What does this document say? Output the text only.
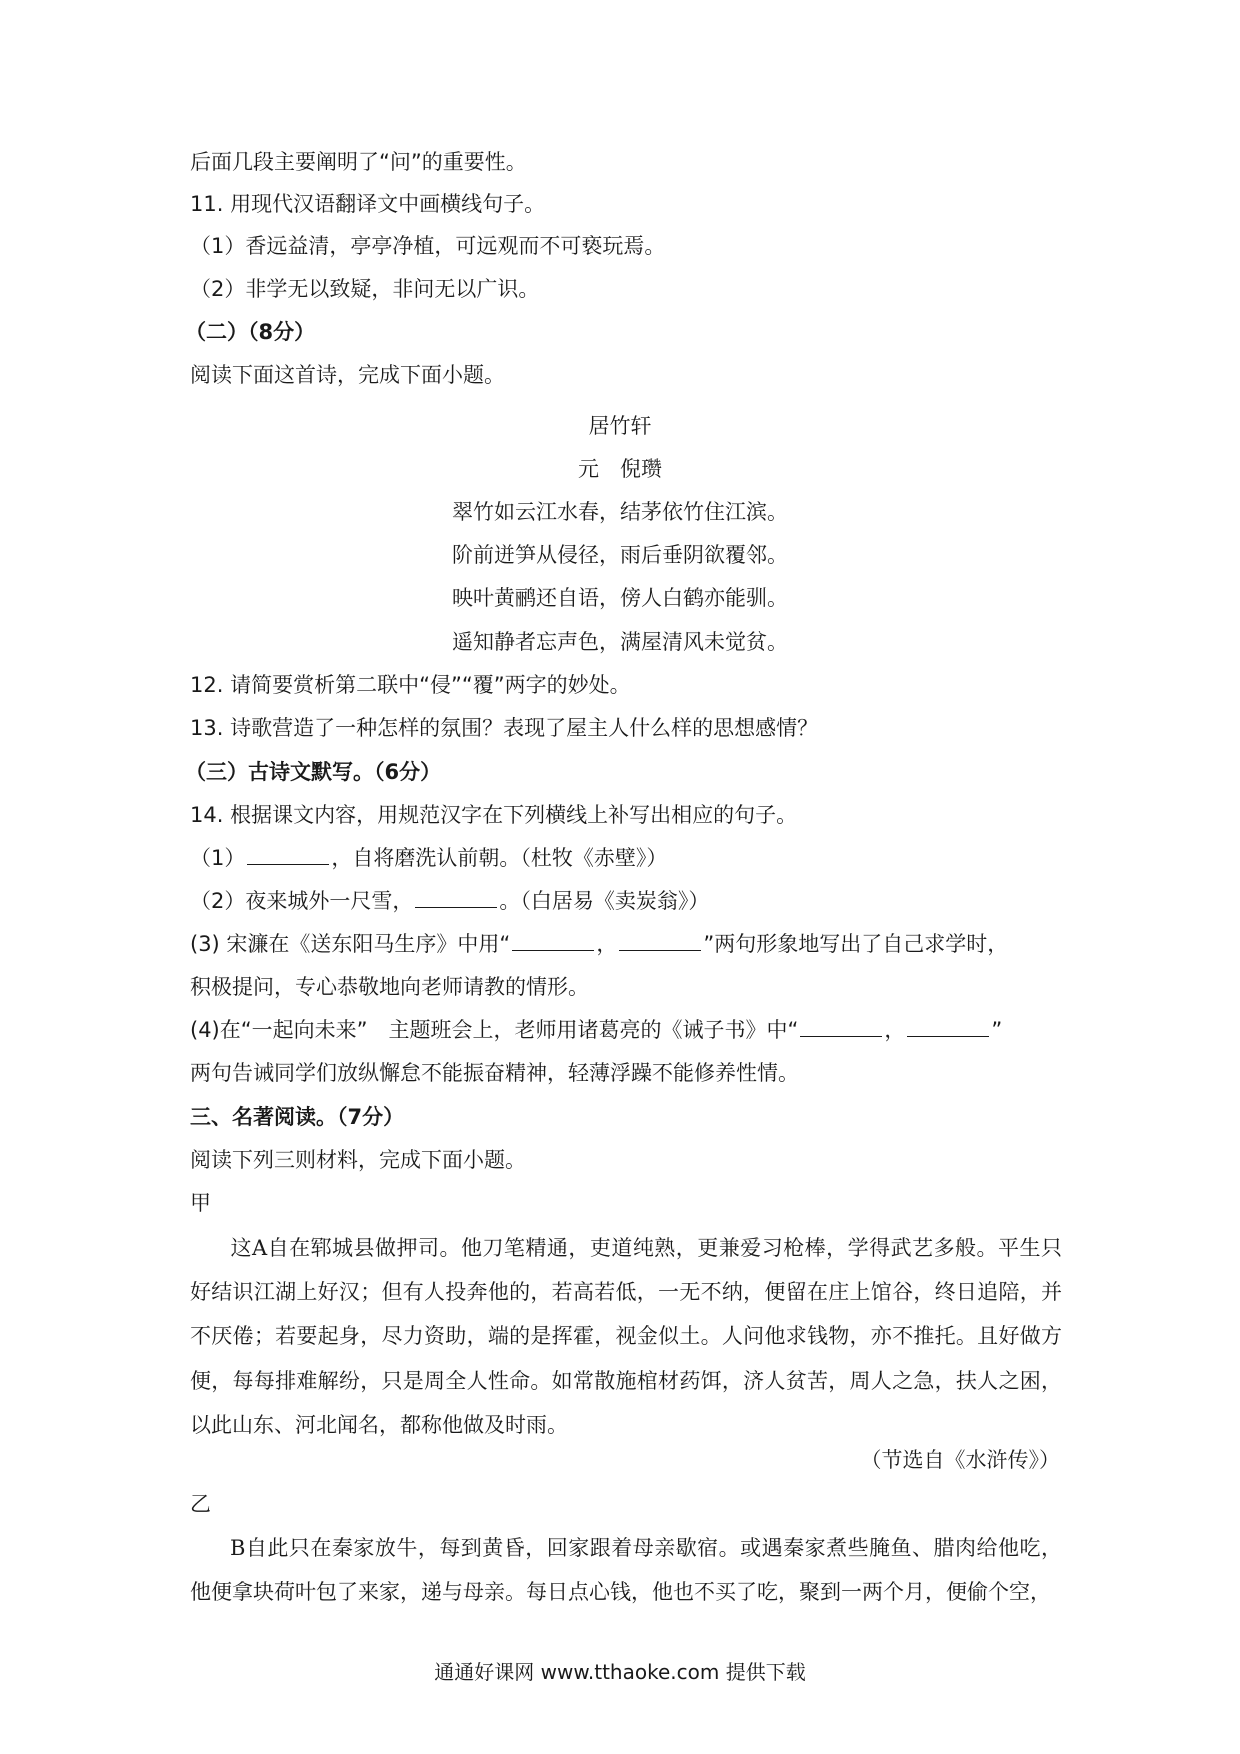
后面几段主要阐明了“问”的重要性。
11. 用现代汉语翻译文中画横线句子。
（1）香远益清，亭亭净植，可远观而不可亵玩焉。
（2）非学无以致疑，非问无以广识。
（二）（8分）
阅读下面这首诗，完成下面小题。
居竹轩
元　倪瓒
翠竹如云江水春，结茅依竹住江滨。
阶前迸笋从侵径，雨后垂阴欲覆邻。
映叶黄鹂还自语，傍人白鹤亦能驯。
遥知静者忘声色，满屋清风未觉贫。
12. 请简要赏析第二联中“侵”“覆”两字的妙处。
13. 诗歌营造了一种怎样的氛围？表现了屋主人什么样的思想感情？
（三）古诗文默写。（6分）
14. 根据课文内容，用规范汉字在下列横线上补写出相应的句子。
（1）	，自将磨洗认前朝。（杜牧《赤壁》）
（2）夜来城外一尺雪，	。（白居易《卖炭翁》）
(3) 宋濂在《送东阳马生序》中用“	，	”两句形象地写出了自己求学时，
积极提问，专心恭敬地向老师请教的情形。
(4)在“一起向未来”　主题班会上，老师用诸葛亮的《诫子书》中“	，	”
两句告诫同学们放纵懈怠不能振奋精神，轻薄浮躁不能修养性情。
三、名著阅读。（7分）
阅读下列三则材料，完成下面小题。
甲
这A自在郓城县做押司。他刀笔精通，吏道纯熟，更兼爱习枪棒，学得武艺多般。平生只好结识江湖上好汉；但有人投奔他的，若高若低，一无不纳，便留在庄上馆谷，终日追陪，并不厌倦；若要起身，尽力资助，端的是挥霍，视金似土。人问他求钱物，亦不推托。且好做方便，每每排难解纷，只是周全人性命。如常散施棺材药饵，济人贫苦，周人之急，扶人之困，以此山东、河北闻名，都称他做及时雨。
（节选自《水浒传》）
乙
B自此只在秦家放牛，每到黄昏，回家跟着母亲歇宿。或遇秦家煮些腌鱼、腊肉给他吃，他便拿块荷叶包了来家，递与母亲。每日点心钱，他也不买了吃，聚到一两个月，便偷个空，
通通好课网 www.tthaoke.com 提供下载
